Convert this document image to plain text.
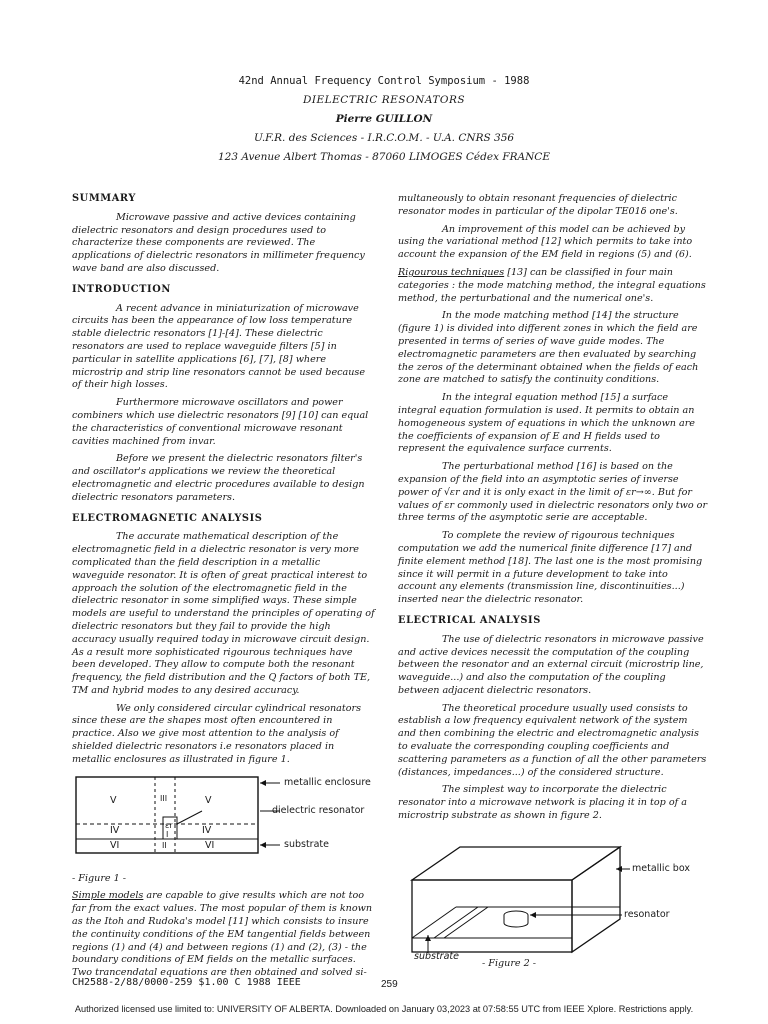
42nd Annual Frequency Control Symposium - 1988
DIELECTRIC RESONATORS
Pierre GUILLON
U.F.R. des Sciences - I.R.C.O.M. - U.A. CNRS 356
123 Avenue Albert Thomas - 87060 LIMOGES Cédex FRANCE
SUMMARY

Microwave passive and active devices containing dielectric resonators and design procedures used to characterize these components are reviewed. The applications of dielectric resonators in millimeter frequency wave band are also discussed.

INTRODUCTION

A recent advance in miniaturization of microwave circuits has been the appearance of low loss temperature stable dielectric resonators [1]-[4]. These dielectric resonators are used to replace waveguide filters [5] in particular in satellite applications [6], [7], [8] where microstrip and strip line resonators cannot be used because of their high losses.

Furthermore microwave oscillators and power combiners which use dielectric resonators [9] [10] can equal the characteristics of conventional microwave resonant cavities machined from invar.

Before we present the dielectric resonators filter's and oscillator's applications we review the theoretical electromagnetic and electric procedures available to design dielectric resonators parameters.

ELECTROMAGNETIC ANALYSIS

The accurate mathematical description of the electromagnetic field in a dielectric resonator is very more complicated than the field description in a metallic waveguide resonator. It is often of great practical interest to approach the solution of the electromagnetic field in the dielectric resonator in some simplified ways. These simple models are useful to understand the principles of operating of dielectric resonators but they fail to provide the high accuracy usually required today in microwave circuit design. As a result more sophisticated rigourous techniques have been developed. They allow to compute both the resonant frequency, the field distribution and the Q factors of both TE, TM and hybrid modes to any desired accuracy.

We only considered circular cylindrical resonators since these are the shapes most often encountered in practice. Also we give most attention to the analysis of shielded dielectric resonators i.e resonators placed in metallic enclosures as illustrated in figure 1.

V	III	V
IV	εr	IV
VI	II	VI
I
metallic enclosure
dielectric resonator
substrate

- Figure 1 -

Simple models are capable to give results which are not too far from the exact values. The most popular of them is known as the Itoh and Rudoka's model [11] which consists to insure the continuity conditions of the EM tangential fields between regions (1) and (4) and between regions (1) and (2), (3) - the boundary conditions of EM fields on the metallic surfaces. Two trancendatal equations are then obtained and solved si-

multaneously to obtain resonant frequencies of dielectric resonator modes in particular of the dipolar TE01δ one's.

An improvement of this model can be achieved by using the variational method [12] which permits to take into account the expansion of the EM field in regions (5) and (6).

Rigourous techniques [13] can be classified in four main categories : the mode matching method, the integral equations method, the perturbational and the numerical one's.

In the mode matching method [14] the structure (figure 1) is divided into different zones in which the field are presented in terms of series of wave guide modes. The electromagnetic parameters are then evaluated by searching the zeros of the determinant obtained when the fields of each zone are matched to satisfy the continuity conditions.

In the integral equation method [15] a surface integral equation formulation is used. It permits to obtain an homogeneous system of equations in which the unknown are the coefficients of expansion of E and H fields used to represent the equivalence surface currents.

The perturbational method [16] is based on the expansion of the field into an asymptotic series of inverse power of √εr and it is only exact in the limit of εr→∞. But for values of εr commonly used in dielectric resonators only two or three terms of the asymptotic serie are acceptable.

To complete the review of rigourous techniques computation we add the numerical finite difference [17] and finite element method [18]. The last one is the most promising since it will permit in a future development to take into account any elements (transmission line, discontinuities...) inserted near the dielectric resonator.

ELECTRICAL ANALYSIS

The use of dielectric resonators in microwave passive and active devices necessit the computation of the coupling between the resonator and an external circuit (microstrip line, waveguide...) and also the computation of the coupling between adjacent dielectric resonators.

The theoretical procedure usually used consists to establish a low frequency equivalent network of the system and then combining the electric and electromagnetic analysis to evaluate the corresponding coupling coefficients and scattering parameters as a function of all the other parameters (distances, impedances...) of the considered structure.

The simplest way to incorporate the dielectric resonator into a microwave network is placing it in top of a microstrip substrate as shown in figure 2.

metallic box
resonator
substrate
- Figure 2 -
CH2588-2/88/0000-259 $1.00 C 1988 IEEE	259
Authorized licensed use limited to: UNIVERSITY OF ALBERTA. Downloaded on January 03,2023 at 07:58:55 UTC from IEEE Xplore. Restrictions apply.
